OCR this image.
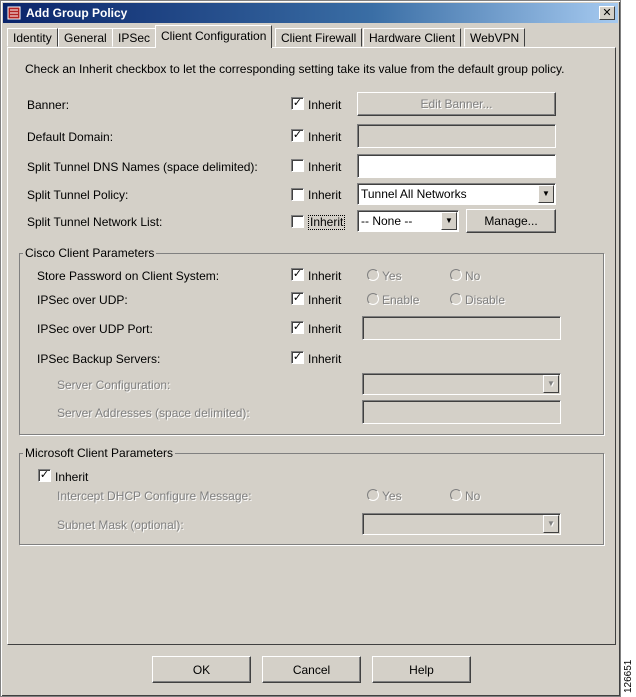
Add Group Policy	✕
Identity	General IPSec Client Configuration	Client Firewall	Hardware Client	WebVPN
Check an Inherit checkbox to let the corresponding setting take its value from the default group policy.
Banner:	✓ Inherit	Edit Banner...
Default Domain:	✓ Inherit
Split Tunnel DNS Names (space delimited):	Inherit
Split Tunnel Policy:	Inherit	Tunnel All Networks	▼
Split Tunnel Network List:	Inherit	-- None --	▼	Manage...
Cisco Client Parameters
Store Password on Client System:	✓ Inherit	Yes	No
IPSec over UDP:	✓ Inherit	Enable	Disable
IPSec over UDP Port:	✓ Inherit
IPSec Backup Servers:	✓ Inherit
Server Configuration:	▼
Server Addresses (space delimited):
Microsoft Client Parameters
✓ Inherit
Intercept DHCP Configure Message:	Yes	No
Subnet Mask (optional):	▼
OK	Cancel	Help	126651
